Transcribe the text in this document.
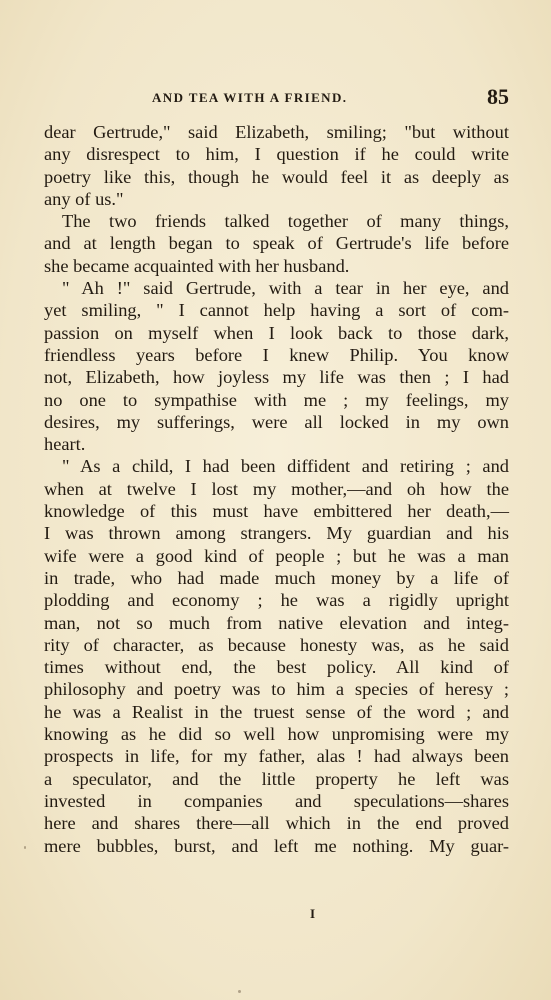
AND TEA WITH A FRIEND.	85
dear Gertrude," said Elizabeth, smiling; "but without
any disrespect to him, I question if he could write
poetry like this, though he would feel it as deeply as
any of us."
The two friends talked together of many things,
and at length began to speak of Gertrude's life before
she became acquainted with her husband.
" Ah !" said Gertrude, with a tear in her eye, and
yet smiling, " I cannot help having a sort of com-
passion on myself when I look back to those dark,
friendless years before I knew Philip. You know
not, Elizabeth, how joyless my life was then ; I had
no one to sympathise with me ; my feelings, my
desires, my sufferings, were all locked in my own
heart.
" As a child, I had been diffident and retiring ; and
when at twelve I lost my mother,—and oh how the
knowledge of this must have embittered her death,—
I was thrown among strangers. My guardian and his
wife were a good kind of people ; but he was a man
in trade, who had made much money by a life of
plodding and economy ; he was a rigidly upright
man, not so much from native elevation and integ-
rity of character, as because honesty was, as he said
times without end, the best policy. All kind of
philosophy and poetry was to him a species of heresy ;
he was a Realist in the truest sense of the word ; and
knowing as he did so well how unpromising were my
prospects in life, for my father, alas ! had always been
a speculator, and the little property he left was
invested in companies and speculations—shares
here and shares there—all which in the end proved
mere bubbles, burst, and left me nothing. My guar-
I
